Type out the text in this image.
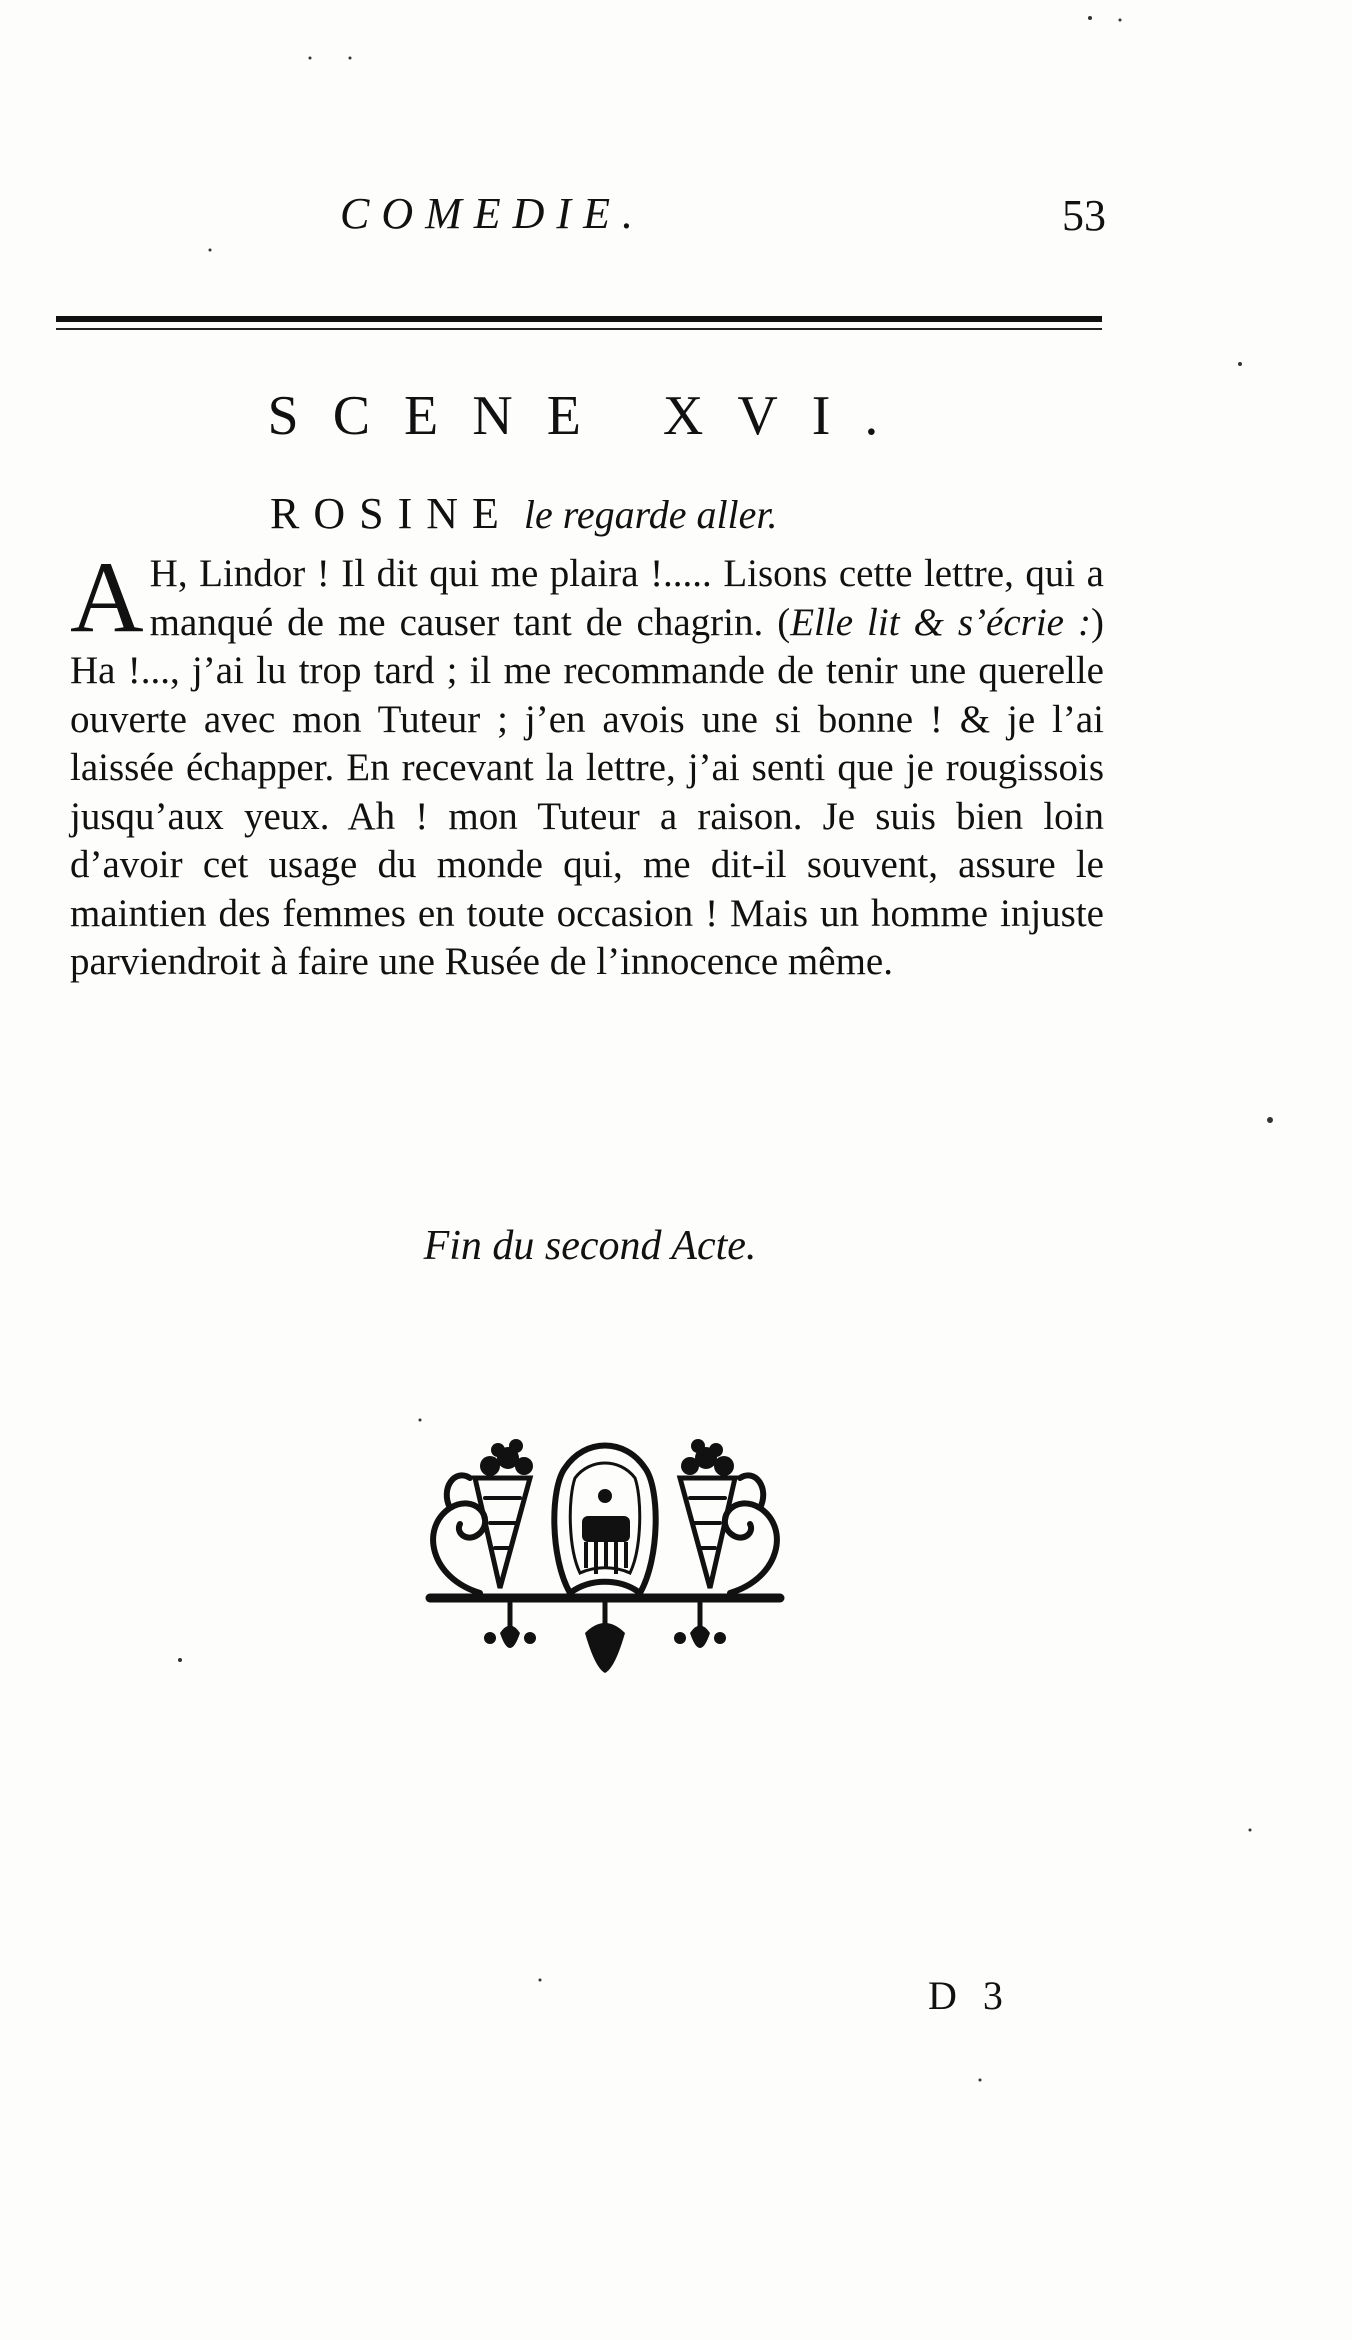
COMEDIE.	53
SCENE XVI.
ROSINE le regarde aller.
A H, Lindor ! Il dit qui me plaira !..... Lisons cette lettre, qui a manqué de me causer tant de chagrin. (Elle lit & s’écrie :) Ha !..., j’ai lu trop tard ; il me recommande de tenir une querelle ouverte avec mon Tuteur ; j’en avois une si bonne ! & je l’ai laissée échapper. En recevant la lettre, j’ai senti que je rougissois jusqu’aux yeux. Ah ! mon Tuteur a raison. Je suis bien loin d’avoir cet usage du monde qui, me dit-il souvent, assure le maintien des femmes en toute occasion ! Mais un homme injuste parviendroit à faire une Rusée de l’innocence même.
Fin du second Acte.
D 3
